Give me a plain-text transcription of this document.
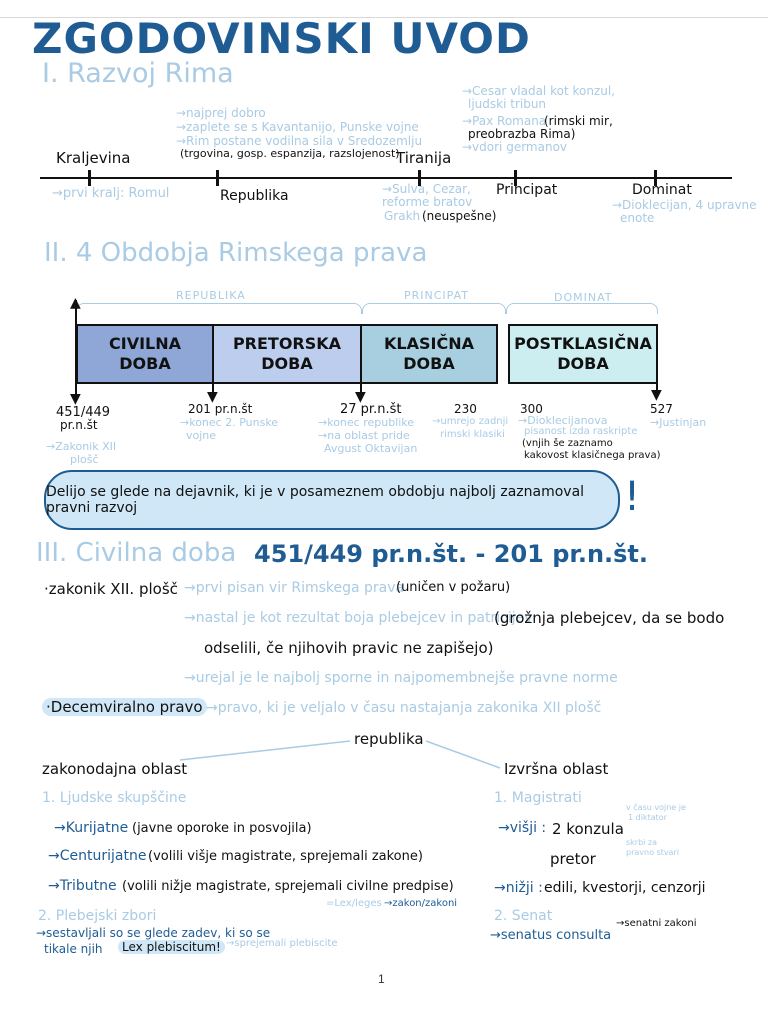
ZGODOVINSKI UVOD
I. Razvoj Rima
→najprej dobro
→zaplete se s Kavantanijo, Punske vojne
→Rim postane vodilna sila v Sredozemlju
(trgovina, gosp. espanzija, razslojenost)
→Cesar vladal kot konzul,
ljudski tribun
→Pax Romana
(rimski mir,
preobrazba Rima)
→vdori germanov
Kraljevina	Tiranija
→prvi kralj: Romul	Republika	→Sulva, Cezar,
reforme bratov
Grakh (neuspešne)
Principat	Dominat
→Dioklecijan, 4 upravne
enote
II. 4 Obdobja Rimskega prava
REPUBLIKA	PRINCIPAT	DOMINAT
▲
CIVILNA
DOBA
PRETORSKA
DOBA
KLASIČNA
DOBA
POSTKLASIČNA
DOBA
▼	▼	▼	▼
451/449
pr.n.št
201 pr.n.št	27 pr.n.št	230	300	527
→Zakonik XII
plošč
→konec 2. Punske
vojne
→konec republike
→na oblast pride
Avgust Oktavijan
→umrejo zadnji
rimski klasiki
→Dioklecijanova
pisanost izda raskripte
(vnjih še zaznamo
kakovost klasičnega prava)
→Justinjan
Delijo se glede na dejavnik, ki je v posameznem obdobju najbolj zaznamoval pravni razvoj	!
III. Civilna doba 451/449 pr.n.št. - 201 pr.n.št.
·zakonik XII. plošč →prvi pisan vir Rimskega prava
(uničen v požaru)
→nastal je kot rezultat boja plebejcev in patricijev
(grožnja plebejcev, da se bodo
odselili, če njihovih pravic ne zapišejo)
→urejal je le najbolj sporne in najpomembnejše pravne norme
·Decemviralno pravo →pravo, ki je veljalo v času nastajanja zakonika XII plošč
republika
zakonodajna oblast	Izvršna oblast
1. Ljudske skupščine
→Kurijatne (javne oporoke in posvojila)
→Centurijatne (volili višje magistrate, sprejemali zakone)
→Tributne (volili nižje magistrate, sprejemali civilne predpise)
=Lex/leges →zakon/zakoni
2. Plebejski zbori
→sestavljali so se glede zadev, ki so se
tikale njih	Lex plebiscitum! →sprejemali plebiscite
1. Magistrati
v času vojne je
1 diktator
→višji : 2 konzula
skrbi za
pravno stvari
pretor
→nižji : edili, kvestorji, cenzorji
2. Senat
→senatus consulta
→senatni zakoni
1
